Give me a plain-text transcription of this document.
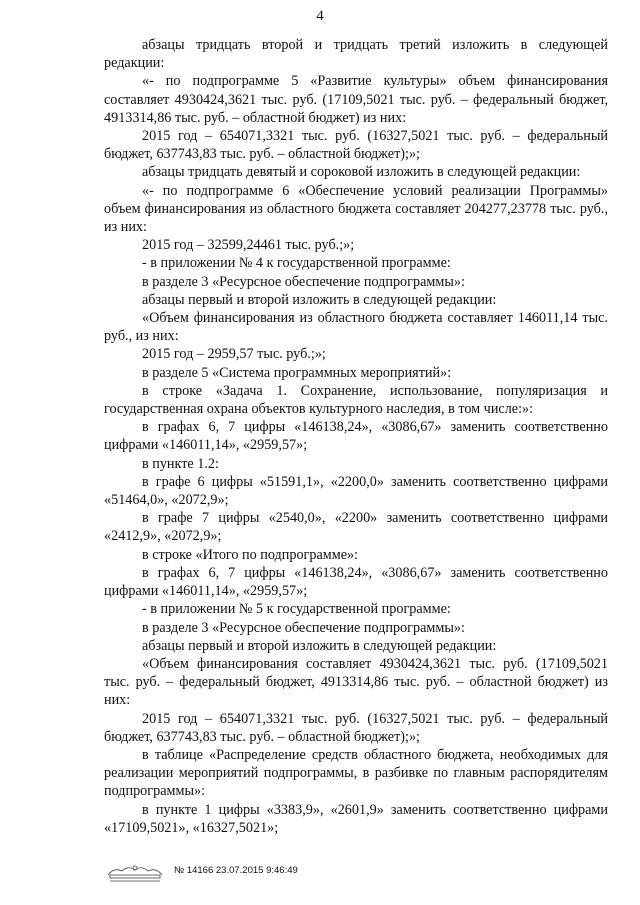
4

абзацы тридцать второй и тридцать третий изложить в следующей редакции:

«- по подпрограмме 5 «Развитие культуры» объем финансирования составляет 4930424,3621 тыс. руб. (17109,5021 тыс. руб. – федеральный бюджет, 4913314,86 тыс. руб. – областной бюджет) из них:

2015 год – 654071,3321 тыс. руб. (16327,5021 тыс. руб. – федеральный бюджет, 637743,83 тыс. руб. – областной бюджет);»;

абзацы тридцать девятый и сороковой изложить в следующей редакции:

«- по подпрограмме 6 «Обеспечение условий реализации Программы» объем финансирования из областного бюджета составляет 204277,23778 тыс. руб., из них:

2015 год – 32599,24461 тыс. руб.;»;

- в приложении № 4 к государственной программе:

в разделе 3 «Ресурсное обеспечение подпрограммы»:

абзацы первый и второй изложить в следующей редакции:

«Объем финансирования из областного бюджета составляет 146011,14 тыс. руб., из них:

2015 год – 2959,57 тыс. руб.;»;

в разделе 5 «Система программных мероприятий»:

в строке «Задача 1. Сохранение, использование, популяризация и государственная охрана объектов культурного наследия, в том числе:»:

в графах 6, 7 цифры «146138,24», «3086,67» заменить соответственно цифрами «146011,14», «2959,57»;

в пункте 1.2:

в графе 6 цифры «51591,1», «2200,0» заменить соответственно цифрами «51464,0», «2072,9»;

в графе 7 цифры «2540,0», «2200» заменить соответственно цифрами «2412,9», «2072,9»;

в строке «Итого по подпрограмме»:

в графах 6, 7 цифры «146138,24», «3086,67» заменить соответственно цифрами «146011,14», «2959,57»;

- в приложении № 5 к государственной программе:

в разделе 3 «Ресурсное обеспечение подпрограммы»:

абзацы первый и второй изложить в следующей редакции:

«Объем финансирования составляет 4930424,3621 тыс. руб. (17109,5021 тыс. руб. – федеральный бюджет, 4913314,86 тыс. руб. – областной бюджет) из них:

2015 год – 654071,3321 тыс. руб. (16327,5021 тыс. руб. – федеральный бюджет, 637743,83 тыс. руб. – областной бюджет);»;

в таблице «Распределение средств областного бюджета, необходимых для реализации мероприятий подпрограммы, в разбивке по главным распорядителям подпрограммы»:

в пункте 1 цифры «3383,9», «2601,9» заменить соответственно цифрами «17109,5021», «16327,5021»;

№ 14166 23.07.2015 9:46:49
